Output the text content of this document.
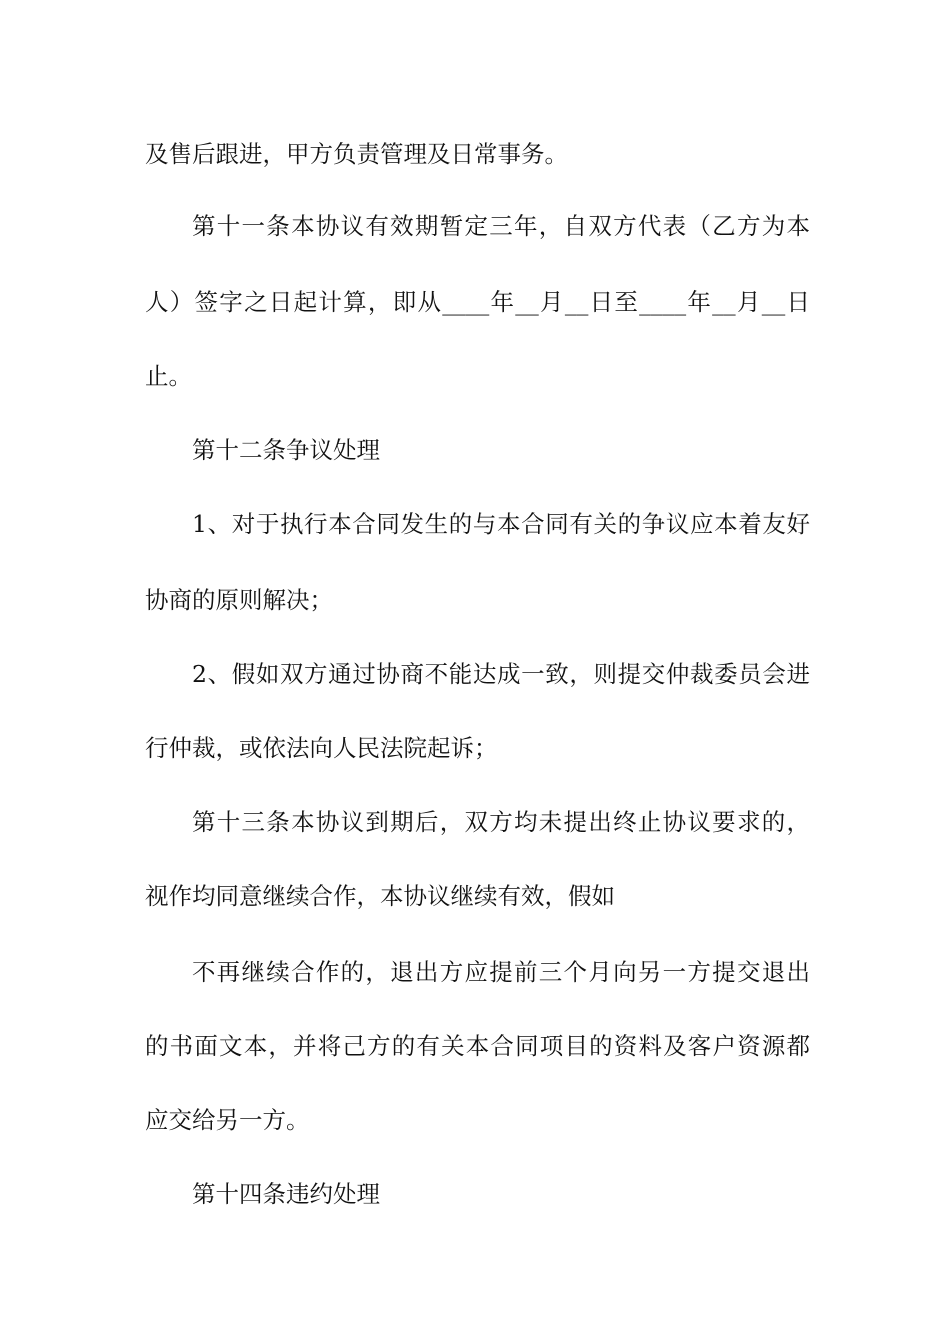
及售后跟进，甲方负责管理及日常事务。
第十一条本协议有效期暂定三年，自双方代表（乙方为本
人）签字之日起计算，即从____年__月__日至____年__月__日
止。
第十二条争议处理
1、对于执行本合同发生的与本合同有关的争议应本着友好
协商的原则解决；
2、假如双方通过协商不能达成一致，则提交仲裁委员会进
行仲裁，或依法向人民法院起诉；
第十三条本协议到期后，双方均未提出终止协议要求的，
视作均同意继续合作，本协议继续有效，假如
不再继续合作的，退出方应提前三个月向另一方提交退出
的书面文本，并将己方的有关本合同项目的资料及客户资源都
应交给另一方。
第十四条违约处理
